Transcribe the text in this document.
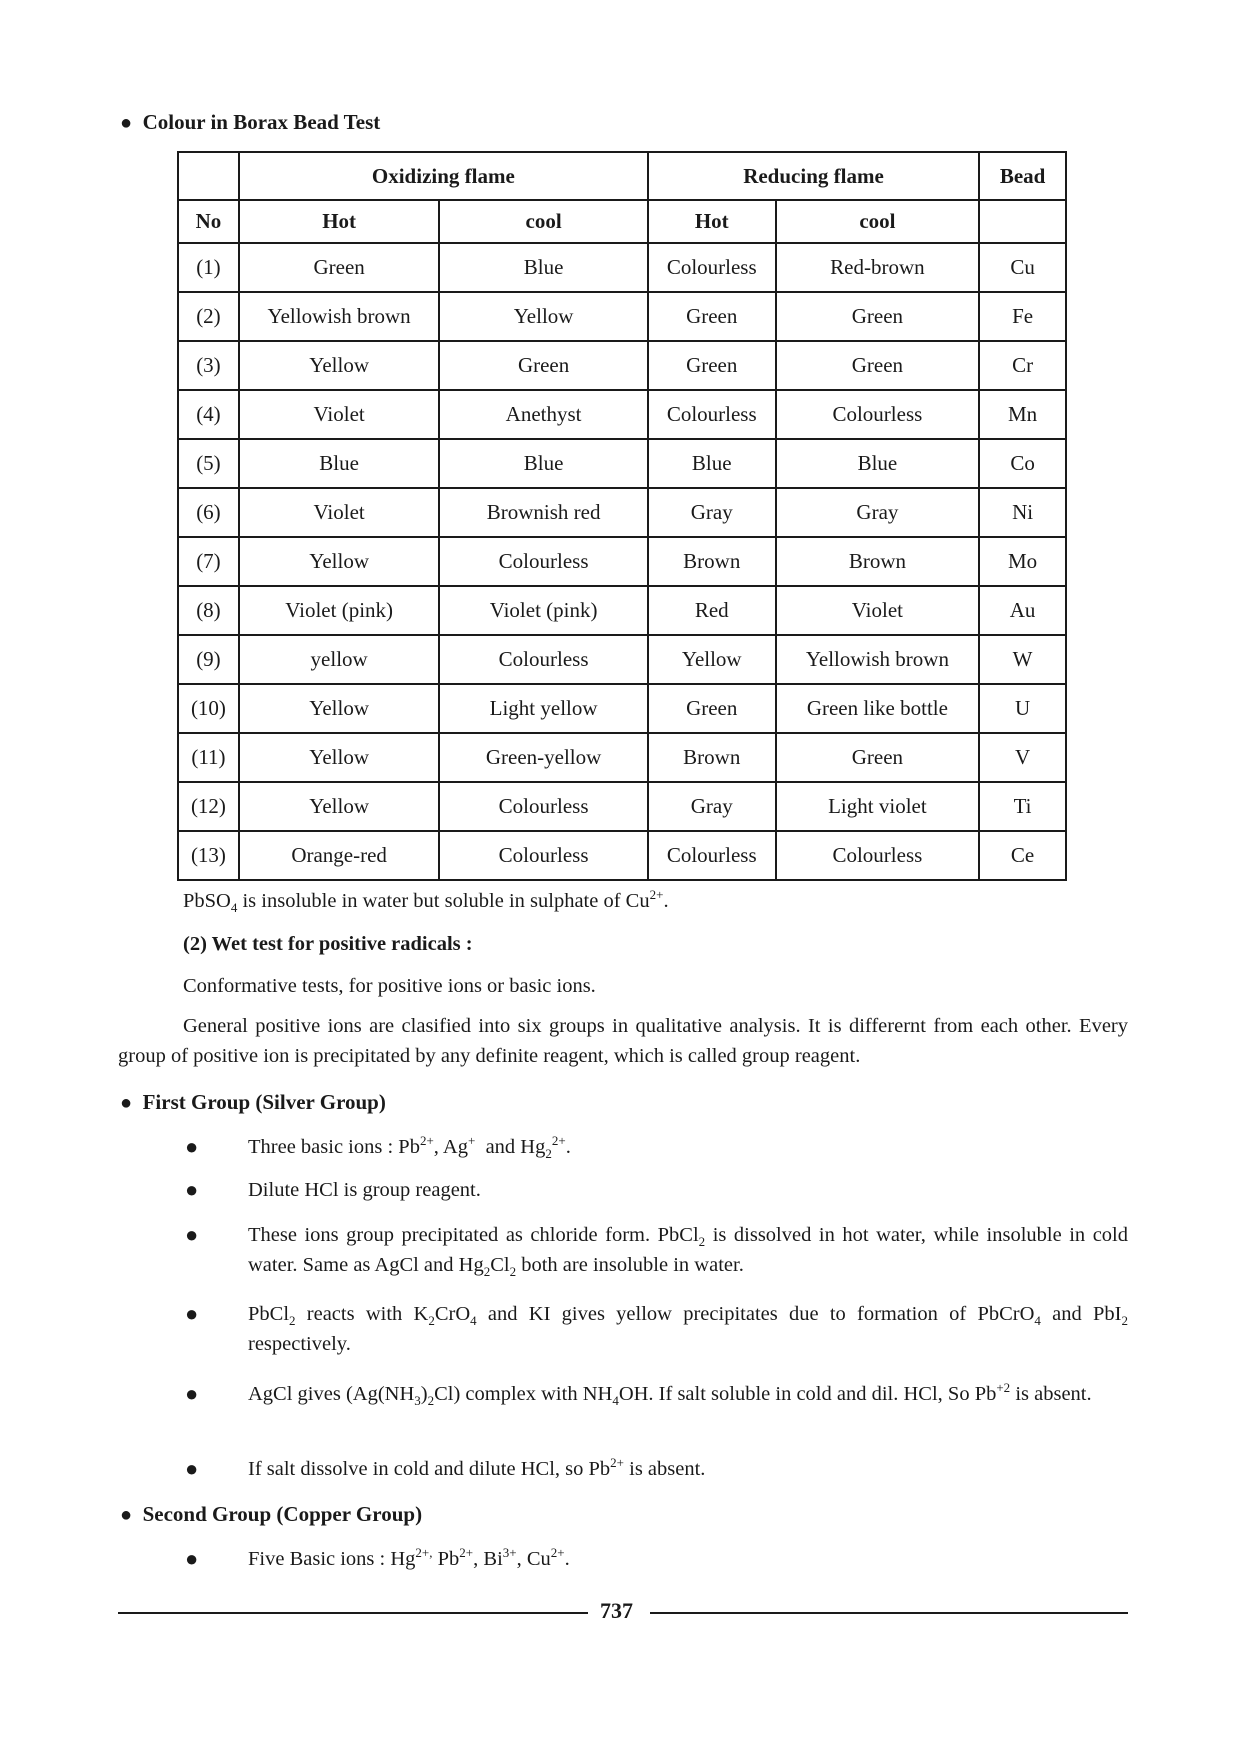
● Colour in Borax Bead Test
	Oxidizing flame		Reducing flame		Bead
No	Hot	cool	Hot	cool	
(1)	Green	Blue	Colourless	Red-brown	Cu
(2)	Yellowish brown	Yellow	Green	Green	Fe
(3)	Yellow	Green	Green	Green	Cr
(4)	Violet	Anethyst	Colourless	Colourless	Mn
(5)	Blue	Blue	Blue	Blue	Co
(6)	Violet	Brownish red	Gray	Gray	Ni
(7)	Yellow	Colourless	Brown	Brown	Mo
(8)	Violet (pink)	Violet (pink)	Red	Violet	Au
(9)	yellow	Colourless	Yellow	Yellowish brown	W
(10)	Yellow	Light yellow	Green	Green like bottle	U
(11)	Yellow	Green-yellow	Brown	Green	V
(12)	Yellow	Colourless	Gray	Light violet	Ti
(13)	Orange-red	Colourless	Colourless	Colourless	Ce
PbSO$_4$ is insoluble in water but soluble in sulphate of $Cu^{2+}$.
(2) Wet test for positive radicals :
Conformative tests, for positive ions or basic ions.
General positive ions are clasified into six groups in qualitative analysis. It is differernt from each other. Every group of positive ion is precipitated by any definite reagent, which is called group reagent.
● First Group (Silver Group)
● Three basic ions : $Pb^{2+}$, Ag+  and $Hg_2^{2+}$.
● Dilute HCl is group reagent.
● These ions group precipitated as chloride form. PbCl$_2$ is dissolved in hot water, while insoluble in cold water. Same as AgCl and $Hg_2Cl_2$ both are insoluble in water.
● PbCl$_2$ reacts with $K_2CrO_4$ and KI gives yellow precipitates due to formation of PbCrO$_4$ and PbI$_2$ respectively.
● AgCl gives $(Ag(NH_3)_2Cl)$ complex with $NH_4OH$. If salt soluble in cold and dil. HCl, So $Pb^{+2}$ is absent.
● If salt dissolve in cold and dilute HCl, so $Pb^{2+}$ is absent.
● Second Group (Copper Group)
● Five Basic ions : $Hg^{2+,}$ $Pb^{2+}$, $Bi^{3+}$, $Cu^{2+}$.
737
